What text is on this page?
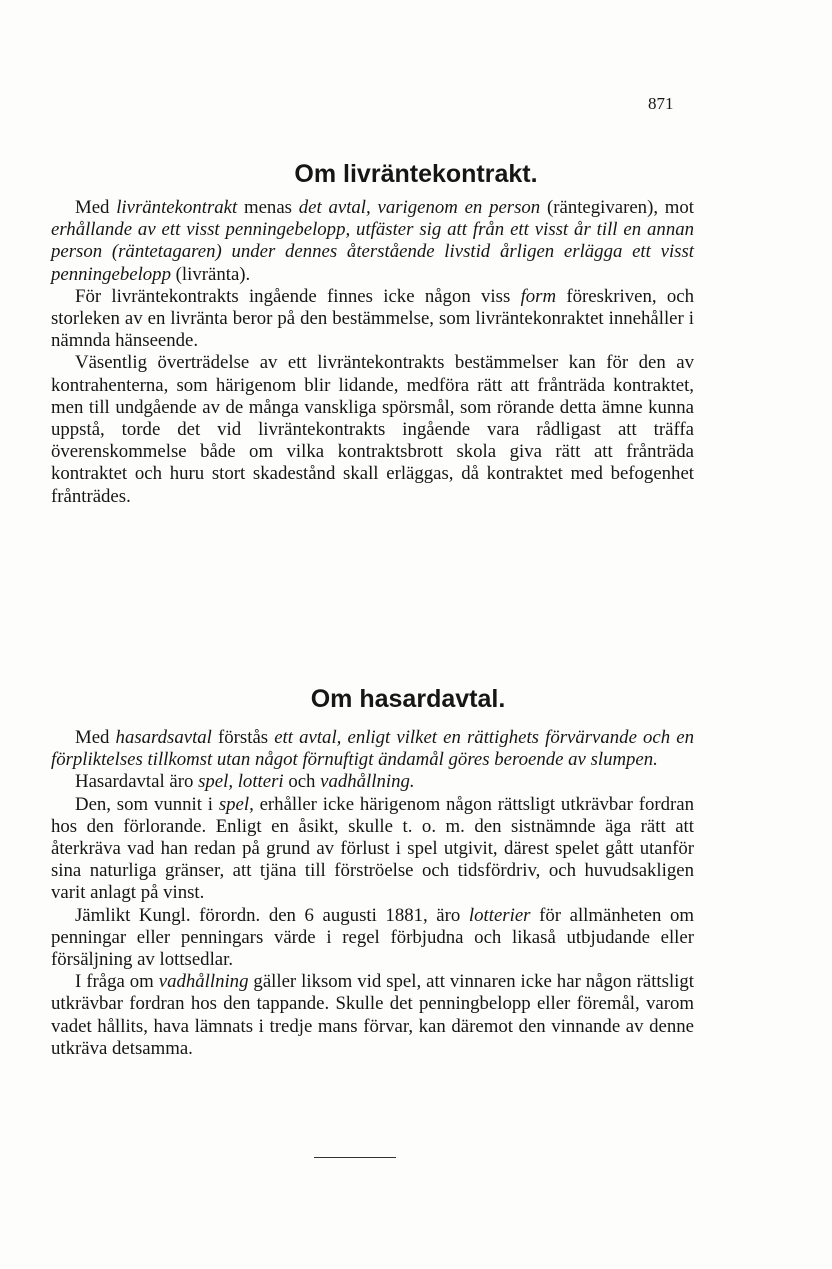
871
Om livräntekontrakt.

Med livräntekontrakt menas det avtal, varigenom en person (räntegivaren), mot erhållande av ett visst penningebelopp, utfäster sig att från ett visst år till en annan person (räntetagaren) under dennes återstående livstid årligen erlägga ett visst penningebelopp (livränta).

För livräntekontrakts ingående finnes icke någon viss form föreskriven, och storleken av en livränta beror på den bestämmelse, som livräntekonraktet innehåller i nämnda hänseende.

Väsentlig överträdelse av ett livräntekontrakts bestämmelser kan för den av kontrahenterna, som härigenom blir lidande, medföra rätt att frånträda kontraktet, men till undgående av de många vanskliga spörsmål, som rörande detta ämne kunna uppstå, torde det vid livräntekontrakts ingående vara rådligast att träffa överenskommelse både om vilka kontraktsbrott skola giva rätt att frånträda kontraktet och huru stort skadestånd skall erläggas, då kontraktet med befogenhet frånträdes.

Om hasardavtal.

Med hasardsavtal förstås ett avtal, enligt vilket en rättighets förvärvande och en förpliktelses tillkomst utan något förnuftigt ändamål göres beroende av slumpen.

Hasardavtal äro spel, lotteri och vadhållning.

Den, som vunnit i spel, erhåller icke härigenom någon rättsligt utkrävbar fordran hos den förlorande. Enligt en åsikt, skulle t. o. m. den sistnämnde äga rätt att återkräva vad han redan på grund av förlust i spel utgivit, därest spelet gått utanför sina naturliga gränser, att tjäna till förströelse och tidsfördriv, och huvudsakligen varit anlagt på vinst.

Jämlikt Kungl. förordn. den 6 augusti 1881, äro lotterier för allmänheten om penningar eller penningars värde i regel förbjudna och likaså utbjudande eller försäljning av lottsedlar.

I fråga om vadhållning gäller liksom vid spel, att vinnaren icke har någon rättsligt utkrävbar fordran hos den tappande. Skulle det penningbelopp eller föremål, varom vadet hållits, hava lämnats i tredje mans förvar, kan däremot den vinnande av denne utkräva detsamma.
